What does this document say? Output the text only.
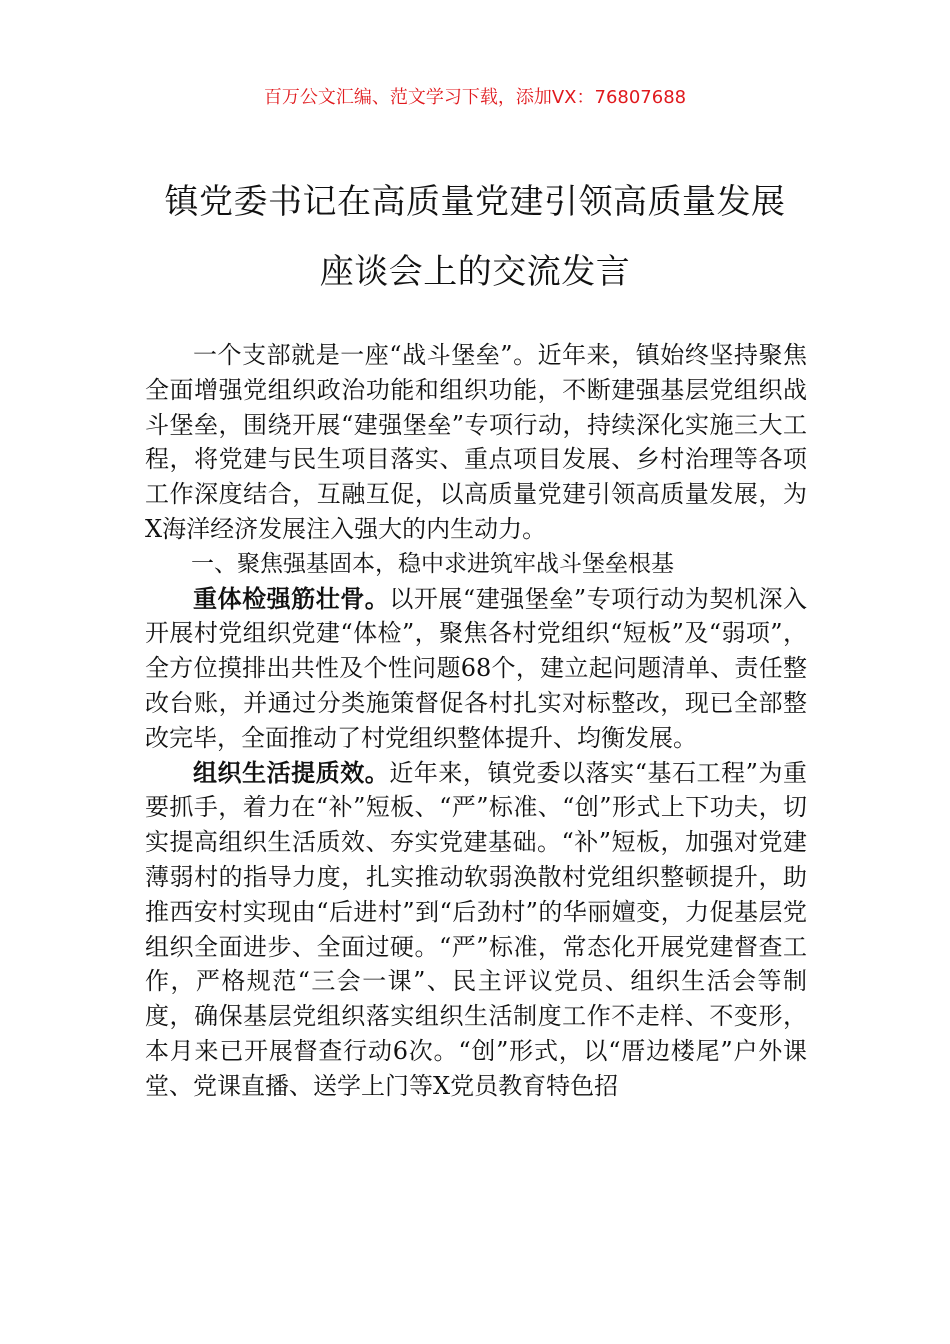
百万公文汇编、范文学习下载，添加VX：76807688

镇党委书记在高质量党建引领高质量发展
座谈会上的交流发言

一个支部就是一座“战斗堡垒”。近年来，镇始终坚持聚焦全面增强党组织政治功能和组织功能，不断建强基层党组织战斗堡垒，围绕开展“建强堡垒”专项行动，持续深化实施三大工程，将党建与民生项目落实、重点项目发展、乡村治理等各项工作深度结合，互融互促，以高质量党建引领高质量发展，为X海洋经济发展注入强大的内生动力。

一、聚焦强基固本，稳中求进筑牢战斗堡垒根基

重体检强筋壮骨。以开展“建强堡垒”专项行动为契机深入开展村党组织党建“体检”，聚焦各村党组织“短板”及“弱项”，全方位摸排出共性及个性问题68个，建立起问题清单、责任整改台账，并通过分类施策督促各村扎实对标整改，现已全部整改完毕，全面推动了村党组织整体提升、均衡发展。

组织生活提质效。近年来，镇党委以落实“基石工程”为重要抓手，着力在“补”短板、“严”标准、“创”形式上下功夫，切实提高组织生活质效、夯实党建基础。“补”短板，加强对党建薄弱村的指导力度，扎实推动软弱涣散村党组织整顿提升，助推西安村实现由“后进村”到“后劲村”的华丽嬗变，力促基层党组织全面进步、全面过硬。“严”标准，常态化开展党建督查工作，严格规范“三会一课”、民主评议党员、组织生活会等制度，确保基层党组织落实组织生活制度工作不走样、不变形，本月来已开展督查行动6次。“创”形式，以“厝边楼尾”户外课堂、党课直播、送学上门等X党员教育特色招
